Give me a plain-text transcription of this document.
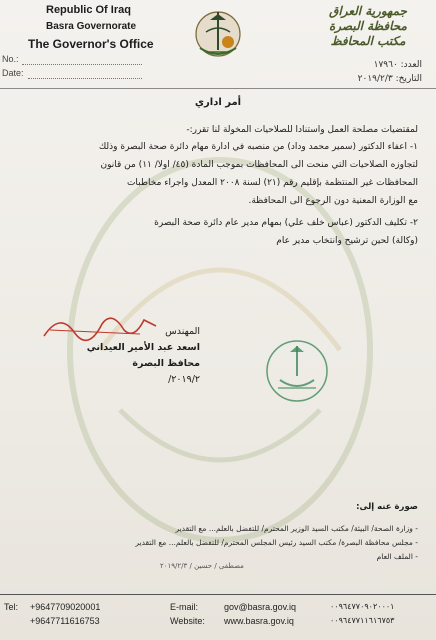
Republic Of Iraq
Basra Governorate
The Governor's Office
No.:
Date:
جمهورية العراق
محافظة البصرة
مكتب المحافظ
العدد: ١٧٩٦٠
التاريخ: ٢٠١٩/٢/٣
أمر اداري
لمقتضيات مصلحة العمل واستنادا للصلاحيات المخولة لنا تقرر:-
١- اعفاء الدكتور (سمير محمد وداد) من منصبه في ادارة مهام دائرة صحة البصرة وذلك
لتجاوزه الصلاحيات التي منحت الى المحافظات بموجب المادة (٤٥/ اولا/ ١١) من قانون
المحافظات غير المنتظمة بإقليم رقم (٢١) لسنة ٢٠٠٨ المعدل واجراء مخاطبات
مع الوزارة المعنية دون الرجوع الى المحافظة.
٢- تكليف الدكتور (عباس خلف علي) بمهام مدير عام دائرة صحة البصرة
(وكالة) لحين ترشيح وانتخاب مدير عام
المهندس
اسعد عبد الأمير العيداني
محافظ البصرة
٢٠١٩/٢/
صورة عنه إلى:
- وزارة الصحة/ البيئة/ مكتب السيد الوزير المحترم/ للتفضل بالعلم... مع التقدير
- مجلس محافظة البصرة/ مكتب السيد رئيس المجلس المحترم/ للتفضل بالعلم... مع التقدير
- الملف العام
مصطفى / حسين / ٢٠١٩/٢/٣
Tel: +9647709020001
+9647711616753
E-mail:	gov@basra.gov.iq
Website: www.basra.gov.iq
٠٠٩٦٤٧٧٠٩٠٢٠٠٠١
٠٠٩٦٤٧٧١١٦١٦٧٥٣
